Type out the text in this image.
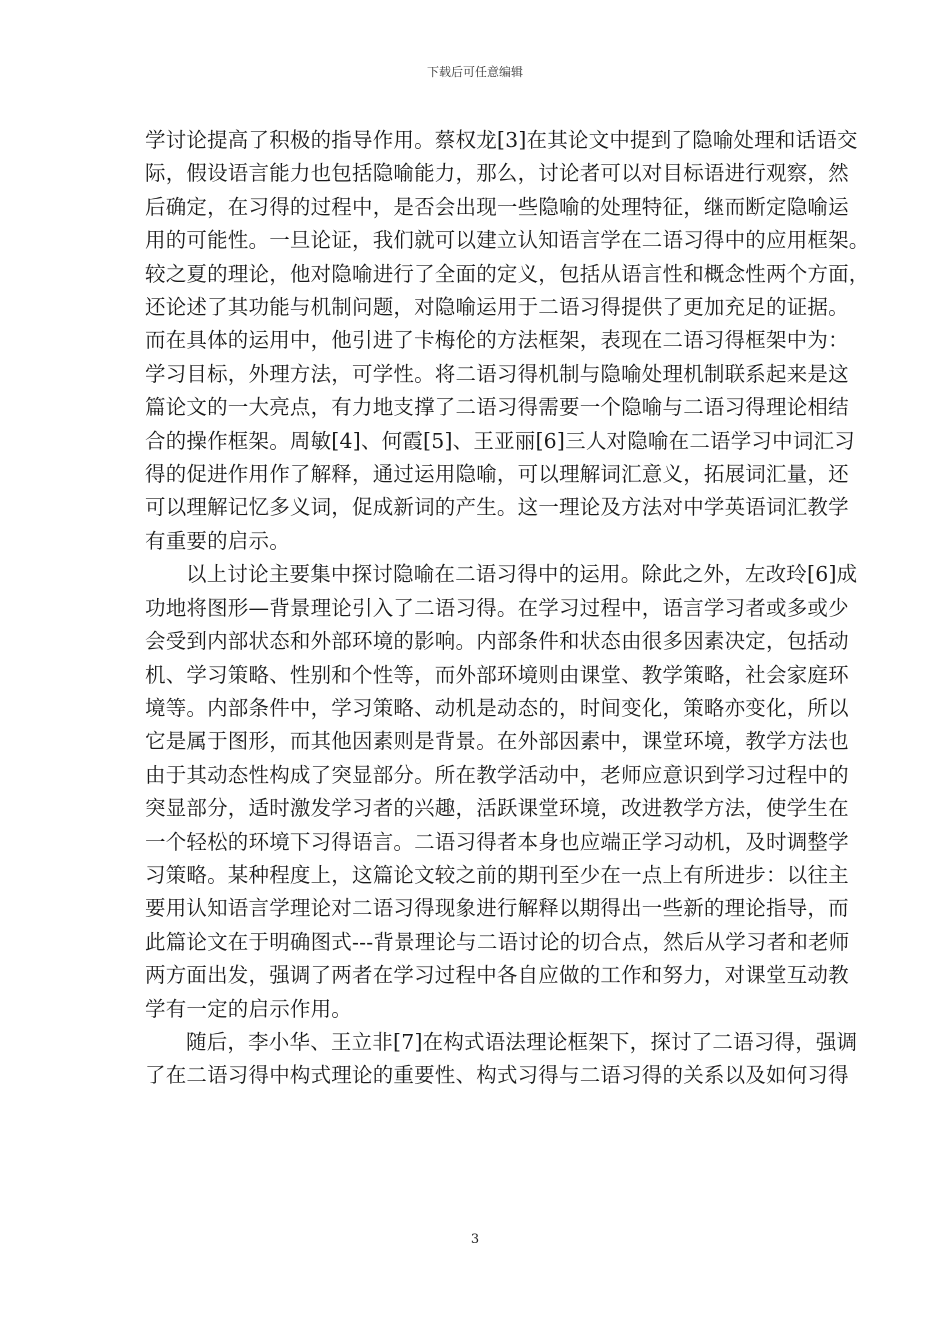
下载后可任意编辑

学讨论提高了积极的指导作用。蔡权龙[3]在其论文中提到了隐喻处理和话语交
际，假设语言能力也包括隐喻能力，那么，讨论者可以对目标语进行观察，然
后确定，在习得的过程中，是否会出现一些隐喻的处理特征，继而断定隐喻运
用的可能性。一旦论证，我们就可以建立认知语言学在二语习得中的应用框架。
较之夏的理论，他对隐喻进行了全面的定义，包括从语言性和概念性两个方面，
还论述了其功能与机制问题，对隐喻运用于二语习得提供了更加充足的证据。
而在具体的运用中，他引进了卡梅伦的方法框架，表现在二语习得框架中为：
学习目标，外理方法，可学性。将二语习得机制与隐喻处理机制联系起来是这
篇论文的一大亮点，有力地支撑了二语习得需要一个隐喻与二语习得理论相结
合的操作框架。周敏[4]、何霞[5]、王亚丽[6]三人对隐喻在二语学习中词汇习
得的促进作用作了解释，通过运用隐喻，可以理解词汇意义，拓展词汇量，还
可以理解记忆多义词，促成新词的产生。这一理论及方法对中学英语词汇教学
有重要的启示。

以上讨论主要集中探讨隐喻在二语习得中的运用。除此之外，左改玲[6]成
功地将图形—背景理论引入了二语习得。在学习过程中，语言学习者或多或少
会受到内部状态和外部环境的影响。内部条件和状态由很多因素决定，包括动
机、学习策略、性别和个性等，而外部环境则由课堂、教学策略，社会家庭环
境等。内部条件中，学习策略、动机是动态的，时间变化，策略亦变化，所以
它是属于图形，而其他因素则是背景。在外部因素中，课堂环境，教学方法也
由于其动态性构成了突显部分。所在教学活动中，老师应意识到学习过程中的
突显部分，适时激发学习者的兴趣，活跃课堂环境，改进教学方法，使学生在
一个轻松的环境下习得语言。二语习得者本身也应端正学习动机，及时调整学
习策略。某种程度上，这篇论文较之前的期刊至少在一点上有所进步：以往主
要用认知语言学理论对二语习得现象进行解释以期得出一些新的理论指导，而
此篇论文在于明确图式---背景理论与二语讨论的切合点，然后从学习者和老师
两方面出发，强调了两者在学习过程中各自应做的工作和努力，对课堂互动教
学有一定的启示作用。

随后，李小华、王立非[7]在构式语法理论框架下，探讨了二语习得，强调
了在二语习得中构式理论的重要性、构式习得与二语习得的关系以及如何习得

3
